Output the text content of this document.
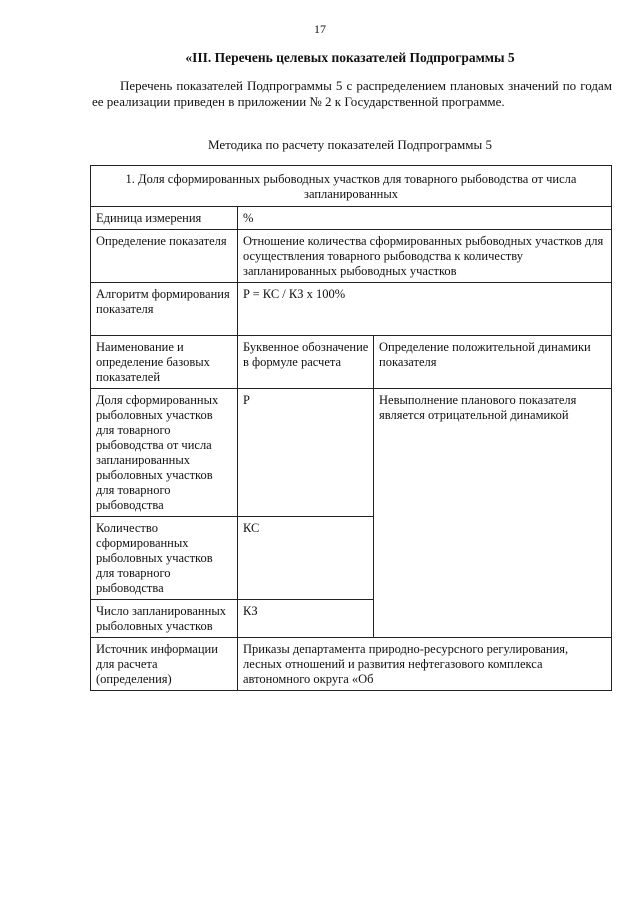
17
«III. Перечень целевых показателей Подпрограммы 5
Перечень показателей Подпрограммы 5 с распределением плановых значений по годам ее реализации приведен в приложении № 2 к Государственной программе.
Методика по расчету показателей Подпрограммы 5
1. Доля сформированных рыбоводных участков для товарного рыбоводства от числа запланированных		
Единица измерения	%	
Определение показателя	Отношение количества сформированных рыбоводных участков для осуществления товарного рыбоводства к количеству запланированных рыбоводных участков	
Алгоритм формирования показателя	P = КС / КЗ х 100%	
Наименование и определение базовых показателей	Буквенное обозначение в формуле расчета	Определение положительной динамики показателя
Доля сформированных рыболовных участков для товарного рыбоводства от числа запланированных рыболовных участков для товарного рыбоводства	P	Невыполнение планового показателя является отрицательной динамикой
Количество сформированных рыболовных участков для товарного рыбоводства	КС	
Число запланированных рыболовных участков	КЗ	
Источник информации для расчета (определения)	Приказы департамента природно-ресурсного регулирования, лесных отношений и развития нефтегазового комплекса автономного округа «Об	
